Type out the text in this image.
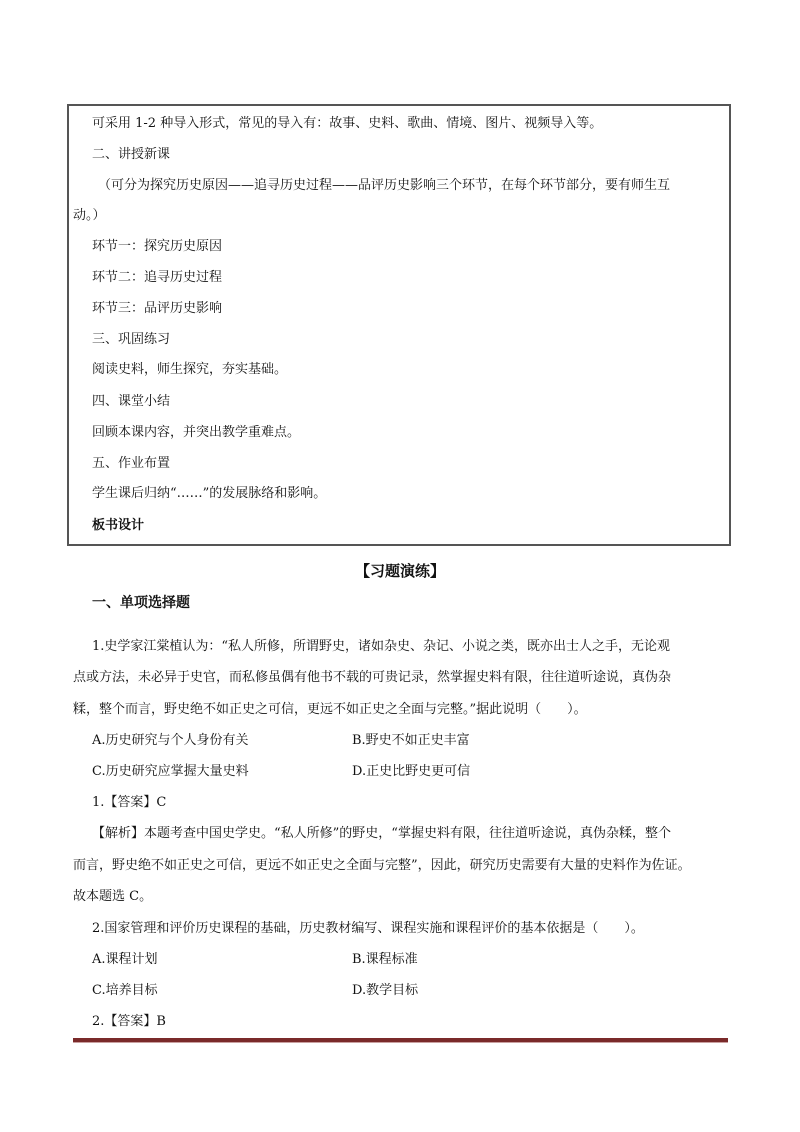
可采用 1-2 种导入形式，常见的导入有：故事、史料、歌曲、情境、图片、视频导入等。
二、讲授新课
（可分为探究历史原因——追寻历史过程——品评历史影响三个环节，在每个环节部分，要有师生互
动。）
环节一：探究历史原因
环节二：追寻历史过程
环节三：品评历史影响
三、巩固练习
阅读史料，师生探究，夯实基础。
四、课堂小结
回顾本课内容，并突出教学重难点。
五、作业布置
学生课后归纳“……”的发展脉络和影响。
板书设计
【习题演练】
一、单项选择题
1.史学家江棠植认为：“私人所修，所谓野史，诸如杂史、杂记、小说之类，既亦出士人之手，无论观
点或方法，未必异于史官，而私修虽偶有他书不载的可贵记录，然掌握史料有限，往往道听途说，真伪杂
糅，整个而言，野史绝不如正史之可信，更远不如正史之全面与完整。”据此说明（　　）。
A.历史研究与个人身份有关	B.野史不如正史丰富
C.历史研究应掌握大量史料	D.正史比野史更可信
1.【答案】C
【解析】本题考查中国史学史。“私人所修”的野史，“掌握史料有限，往往道听途说，真伪杂糅，整个
而言，野史绝不如正史之可信，更远不如正史之全面与完整”，因此，研究历史需要有大量的史料作为佐证。
故本题选 C。
2.国家管理和评价历史课程的基础，历史教材编写、课程实施和课程评价的基本依据是（　　）。
A.课程计划	B.课程标准
C.培养目标	D.教学目标
2.【答案】B
